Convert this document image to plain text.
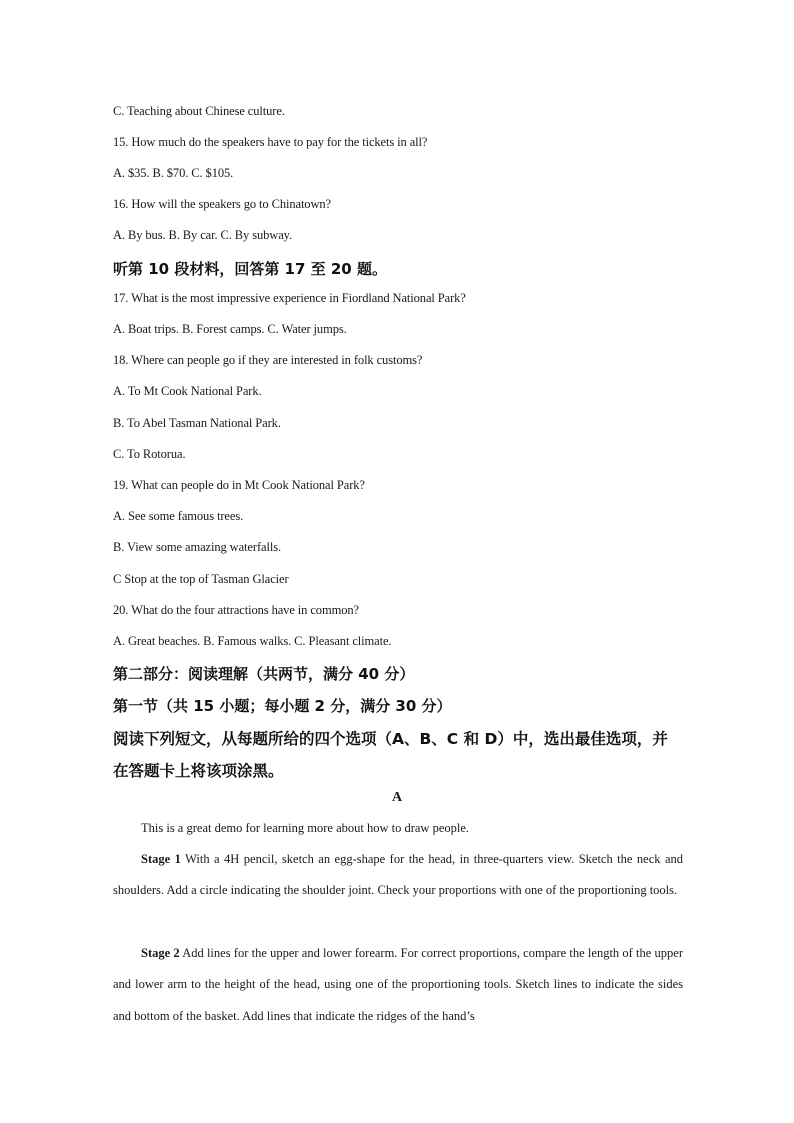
C. Teaching about Chinese culture.
15. How much do the speakers have to pay for the tickets in all?
A. $35. B. $70. C. $105.
16. How will the speakers go to Chinatown?
A. By bus. B. By car. C. By subway.
听第 10 段材料，回答第 17 至 20 题。
17. What is the most impressive experience in Fiordland National Park?
A. Boat trips. B. Forest camps. C. Water jumps.
18. Where can people go if they are interested in folk customs?
A. To Mt Cook National Park.
B. To Abel Tasman National Park.
C. To Rotorua.
19. What can people do in Mt Cook National Park?
A. See some famous trees.
B. View some amazing waterfalls.
C Stop at the top of Tasman Glacier
20. What do the four attractions have in common?
A. Great beaches. B. Famous walks. C. Pleasant climate.
第二部分：阅读理解（共两节，满分 40 分）
第一节（共 15 小题；每小题 2 分，满分 30 分）
阅读下列短文，从每题所给的四个选项（A、B、C 和 D）中，选出最佳选项，并
在答题卡上将该项涂黑。
A
This is a great demo for learning more about how to draw people.
Stage 1 With a 4H pencil, sketch an egg-shape for the head, in three-quarters view. Sketch the neck and shoulders. Add a circle indicating the shoulder joint. Check your proportions with one of the proportioning tools.
Stage 2 Add lines for the upper and lower forearm. For correct proportions, compare the length of the upper and lower arm to the height of the head, using one of the proportioning tools. Sketch lines to indicate the sides and bottom of the basket. Add lines that indicate the ridges of the hand’s
